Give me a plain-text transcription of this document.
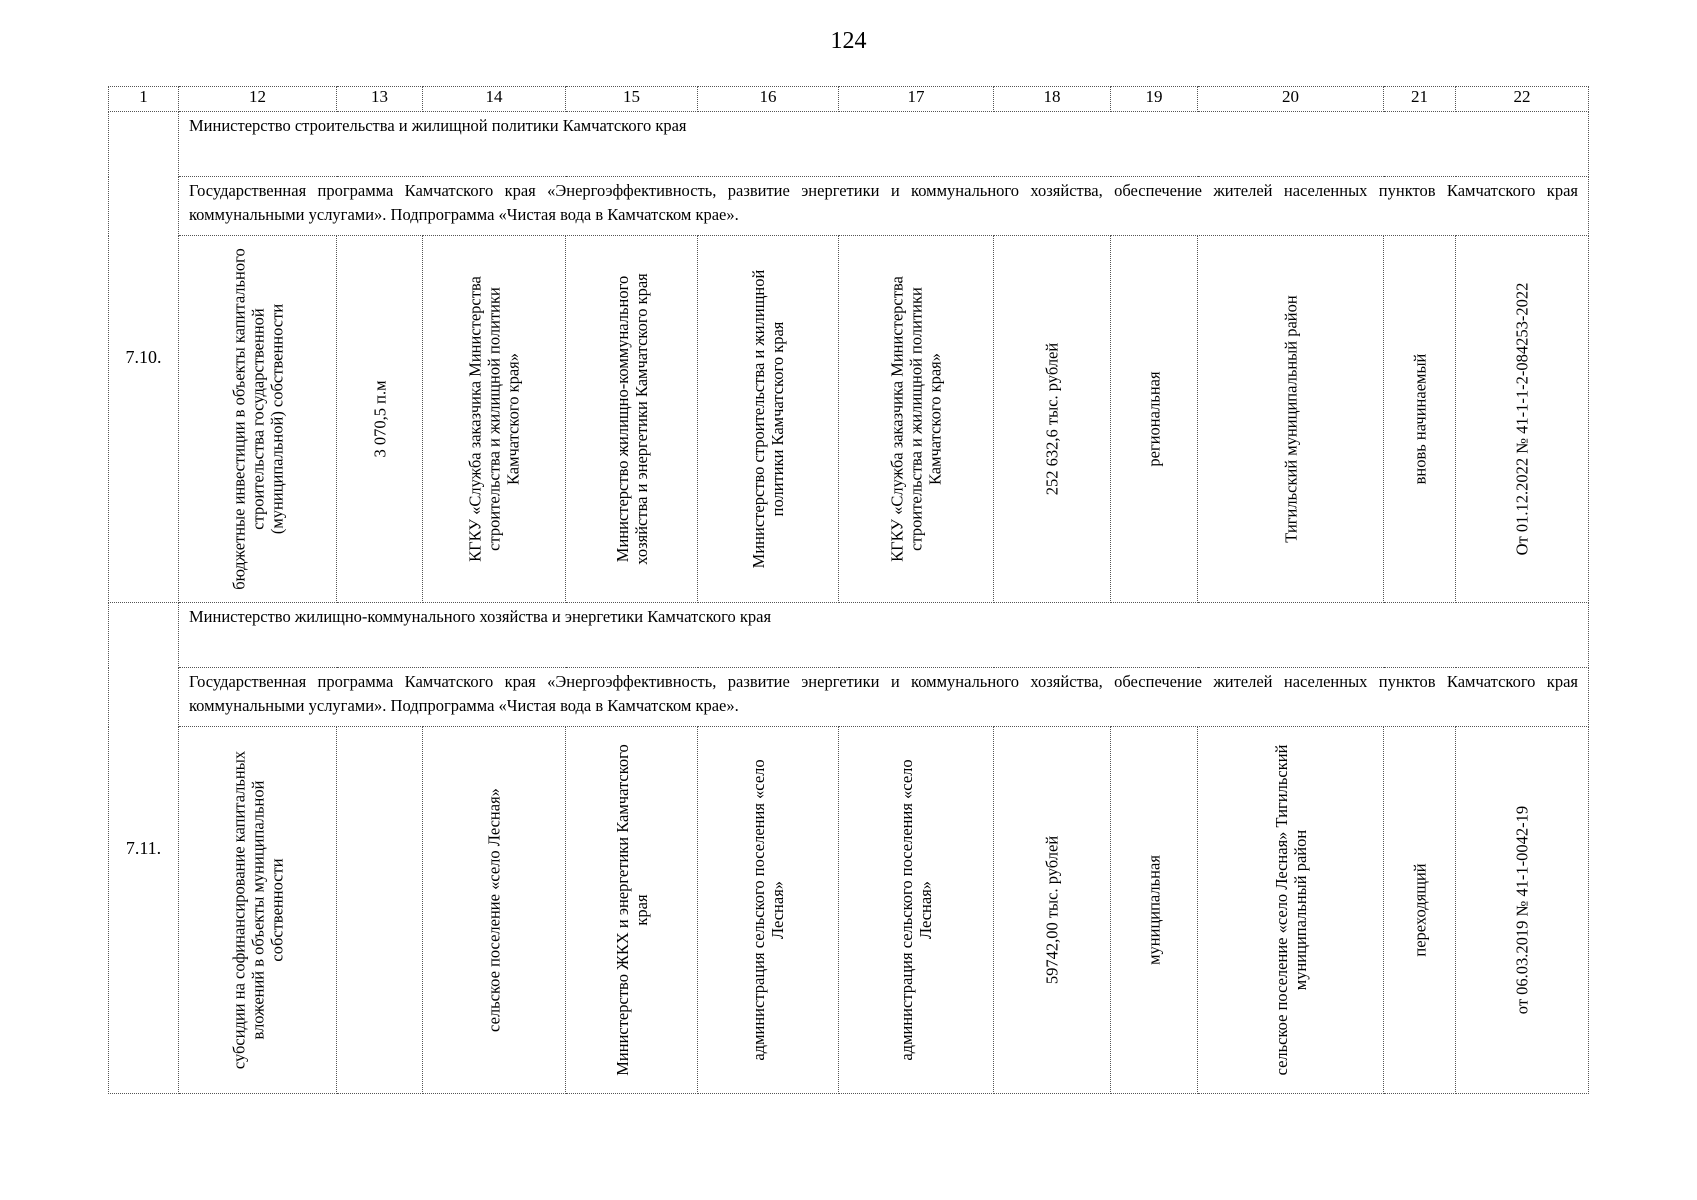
124
1	12	13	14	15	16	17	18	19	20	21	22
7.10.	Министерство строительства и жилищной политики Камчатского края										
	Государственная программа Камчатского края «Энергоэффективность, развитие энергетики и коммунального хозяйства, обеспечение жителей населенных пунктов Камчатского края коммунальными услугами». Подпрограмма «Чистая вода в Камчатском крае».										

	бюджетные инвестиции в объекты капитального строительства государственной (муниципальной) собственности	3 070,5 п.м	КГКУ «Служба заказчика Министерства строительства и жилищной политики Камчатского края»	Министерство жилищно-коммунального хозяйства и энергетики Камчатского края	Министерство строительства и жилищной политики Камчатского края	КГКУ «Служба заказчика Министерства строительства и жилищной политики Камчатского края»	252 632,6 тыс. рублей	региональная	Тигильский муниципальный район	вновь начинаемый	От 01.12.2022 № 41-1-1-2-084253-2022

7.11.	Министерство жилищно-коммунального хозяйства и энергетики Камчатского края										
	Государственная программа Камчатского края «Энергоэффективность, развитие энергетики и коммунального хозяйства, обеспечение жителей населенных пунктов Камчатского края коммунальными услугами». Подпрограмма «Чистая вода в Камчатском крае».										

	субсидии на софинансирование капитальных вложений в объекты муниципальной собственности		сельское поселение «село Лесная»	Министерство ЖКХ и энергетики Камчатского края	администрация сельского поселения «село Лесная»	администрация сельского поселения «село Лесная»	59742,00 тыс. рублей	муниципальная	сельское поселение «село Лесная» Тигильский муниципальный район	переходящий	от 06.03.2019 № 41-1-0042-19
